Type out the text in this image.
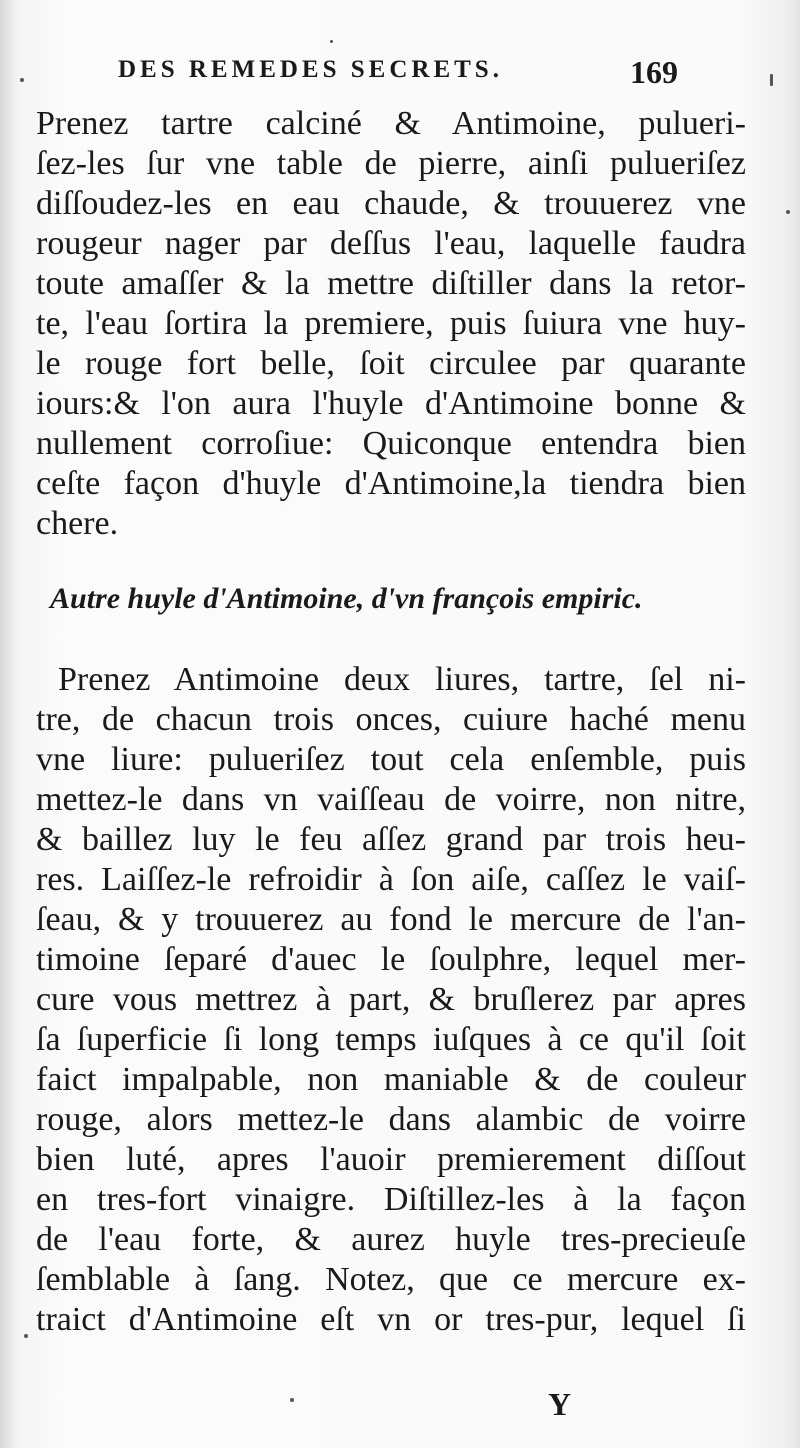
DES REMEDES SECRETS.	169
Prenez tartre calciné & Antimoine, pulueri-
ſez-les ſur vne table de pierre, ainſi pulueriſez
diſſoudez-les en eau chaude, & trouuerez vne
rougeur nager par deſſus l'eau, laquelle faudra
toute amaſſer & la mettre diſtiller dans la retor-
te, l'eau ſortira la premiere, puis ſuiura vne huy-
le rouge fort belle, ſoit circulee par quarante
iours:& l'on aura l'huyle d'Antimoine bonne &
nullement corroſiue: Quiconque entendra bien
ceſte façon d'huyle d'Antimoine,la tiendra bien
chere.
Autre huyle d'Antimoine, d'vn françois empiric.
Prenez Antimoine deux liures, tartre, ſel ni-
tre, de chacun trois onces, cuiure haché menu
vne liure: pulueriſez tout cela enſemble, puis
mettez-le dans vn vaiſſeau de voirre, non nitre,
& baillez luy le feu aſſez grand par trois heu-
res. Laiſſez-le refroidir à ſon aiſe, caſſez le vaiſ-
ſeau, & y trouuerez au fond le mercure de l'an-
timoine ſeparé d'auec le ſoulphre, lequel mer-
cure vous mettrez à part, & bruſlerez par apres
ſa ſuperficie ſi long temps iuſques à ce qu'il ſoit
faict impalpable, non maniable & de couleur
rouge, alors mettez-le dans alambic de voirre
bien luté, apres l'auoir premierement diſſout
en tres-fort vinaigre. Diſtillez-les à la façon
de l'eau forte, & aurez huyle tres-precieuſe
ſemblable à ſang. Notez, que ce mercure ex-
traict d'Antimoine eſt vn or tres-pur, lequel ſi
Y
